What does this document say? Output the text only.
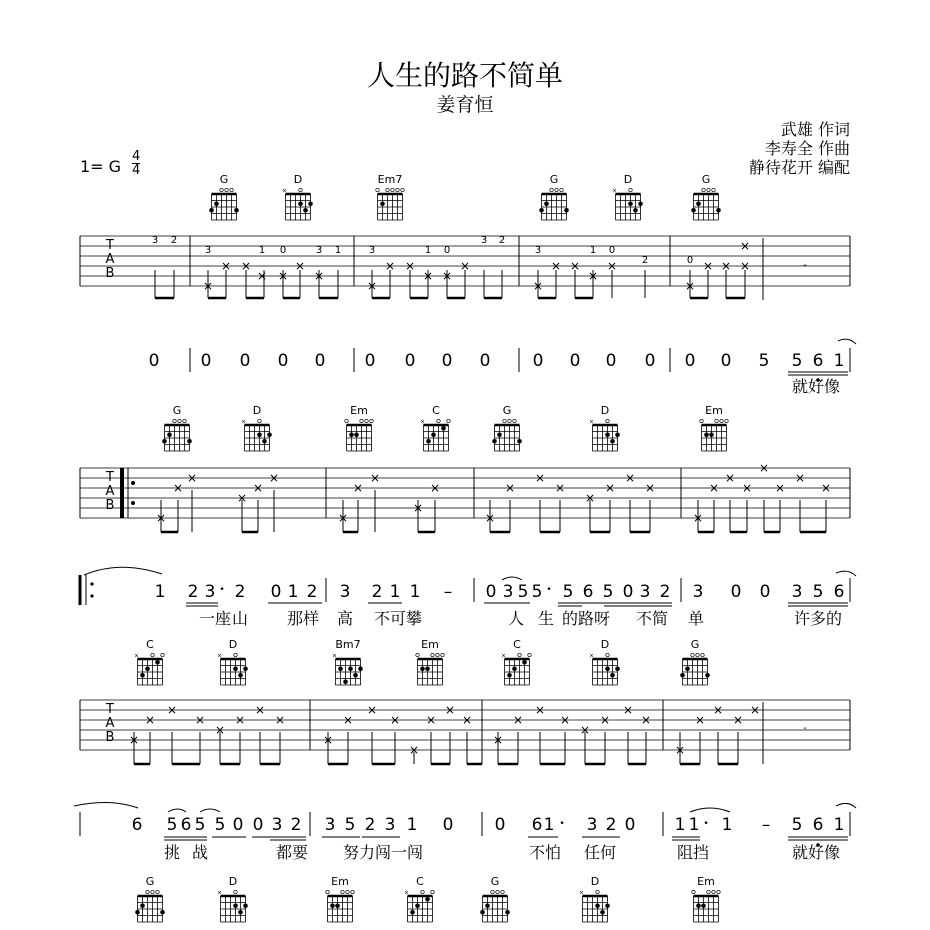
人生的路不简单
姜育恒
武雄 作词
李寿全 作曲
静待花开 编配
1= G
4
4
G	D
×
Em7	G	D
×
G
T
A
B
3 2
3	1 0	3 1	3	1 0
3 2
3	1 0
2	0	-
×
× ×	×
× × ×
×
× ×	×
× ×
×
× × ×
×
×
× ×
×
×
0 0 0 0 0 0 0 0 0 0 0 0 0 0 0 5 5 6 1
就好像
G	D
×
Em	C
×
G	D
×
Em
T
A
B
×
×
×
×
×
×
×
×
×
×
×
×
×
×
×
×
×
×
×
×
×
×
×
×
×
×
×
1 2 3 • 2 0 1 2 3 2 1 1 – 0 3 5 5 • 5 6 5 0 3 2 3 0 0 3 5 6
一座 山 那样 高 不可攀	人 生 的路呀 不简 单	许多的
C
×
D
×
Bm7
×
Em	C
×
D
×
G
T
A
B ×
×
×
×
×
×
×
×
×
×
×
×
×
×
×
×
×
×
×
×
×
×
×
×
×
×
×
×
×
-
6 5 6 5 5 0 0 3 2 3 5 2 3 1 0 0 6 1 • 3 2 0 1 1 • 1 – 5 6 1
挑 战	都要 努力闯一闯	不怕 任何	阻挡	就好像
G	D
×
Em	C
×
G	D
×
Em
